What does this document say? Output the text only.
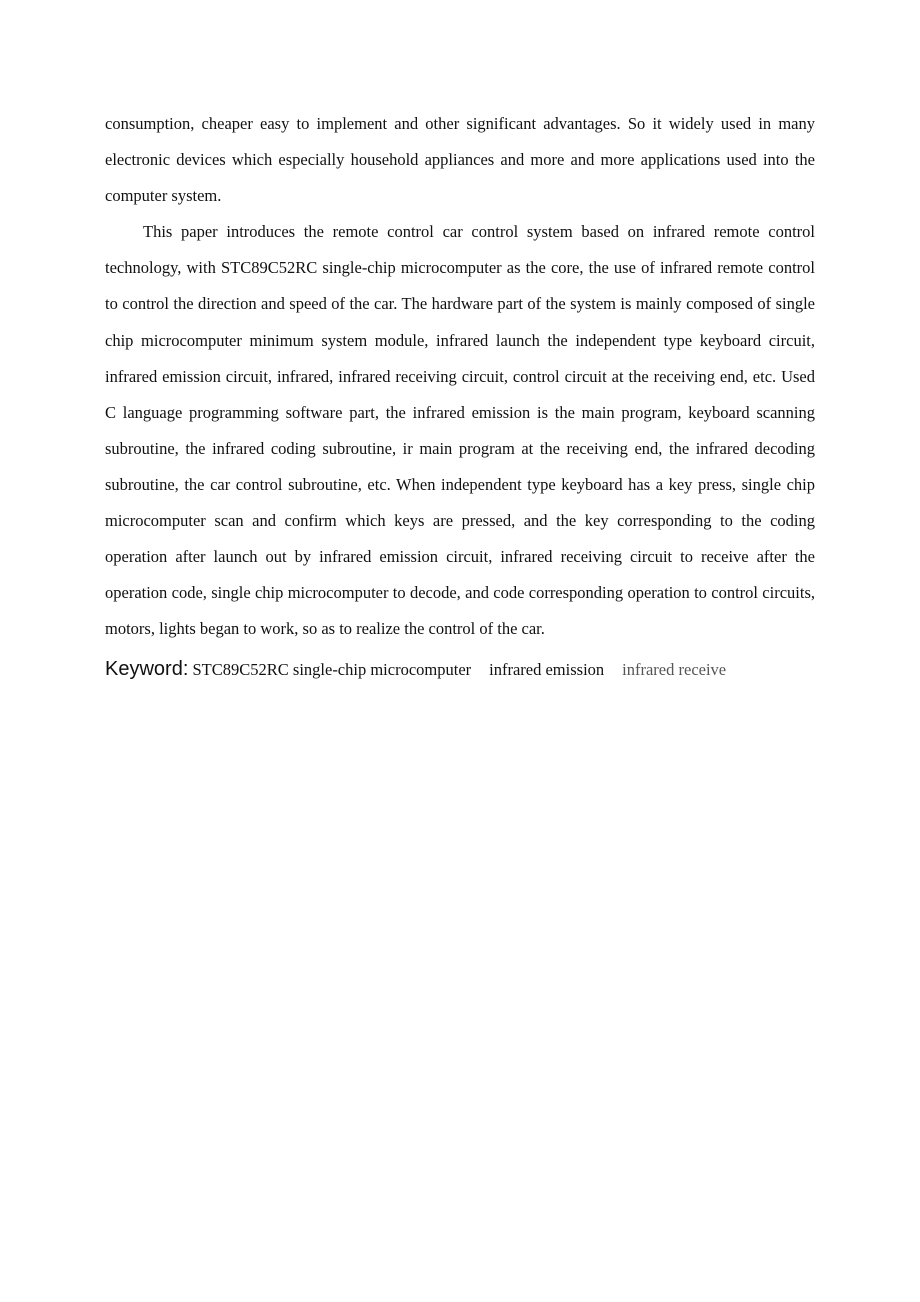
consumption, cheaper easy to implement and other significant advantages. So it widely used in many electronic devices which especially household appliances and more and more applications used into the computer system.

This paper introduces the remote control car control system based on infrared remote control technology, with STC89C52RC single-chip microcomputer as the core, the use of infrared remote control to control the direction and speed of the car. The hardware part of the system is mainly composed of single chip microcomputer minimum system module, infrared launch the independent type keyboard circuit, infrared emission circuit, infrared, infrared receiving circuit, control circuit at the receiving end, etc. Used C language programming software part, the infrared emission is the main program, keyboard scanning subroutine, the infrared coding subroutine, ir main program at the receiving end, the infrared decoding subroutine, the car control subroutine, etc. When independent type keyboard has a key press, single chip microcomputer scan and confirm which keys are pressed, and the key corresponding to the coding operation after launch out by infrared emission circuit, infrared receiving circuit to receive after the operation code, single chip microcomputer to decode, and code corresponding operation to control circuits, motors, lights began to work, so as to realize the control of the car.

Keyword: STC89C52RC single-chip microcomputer infrared emission infrared receive
